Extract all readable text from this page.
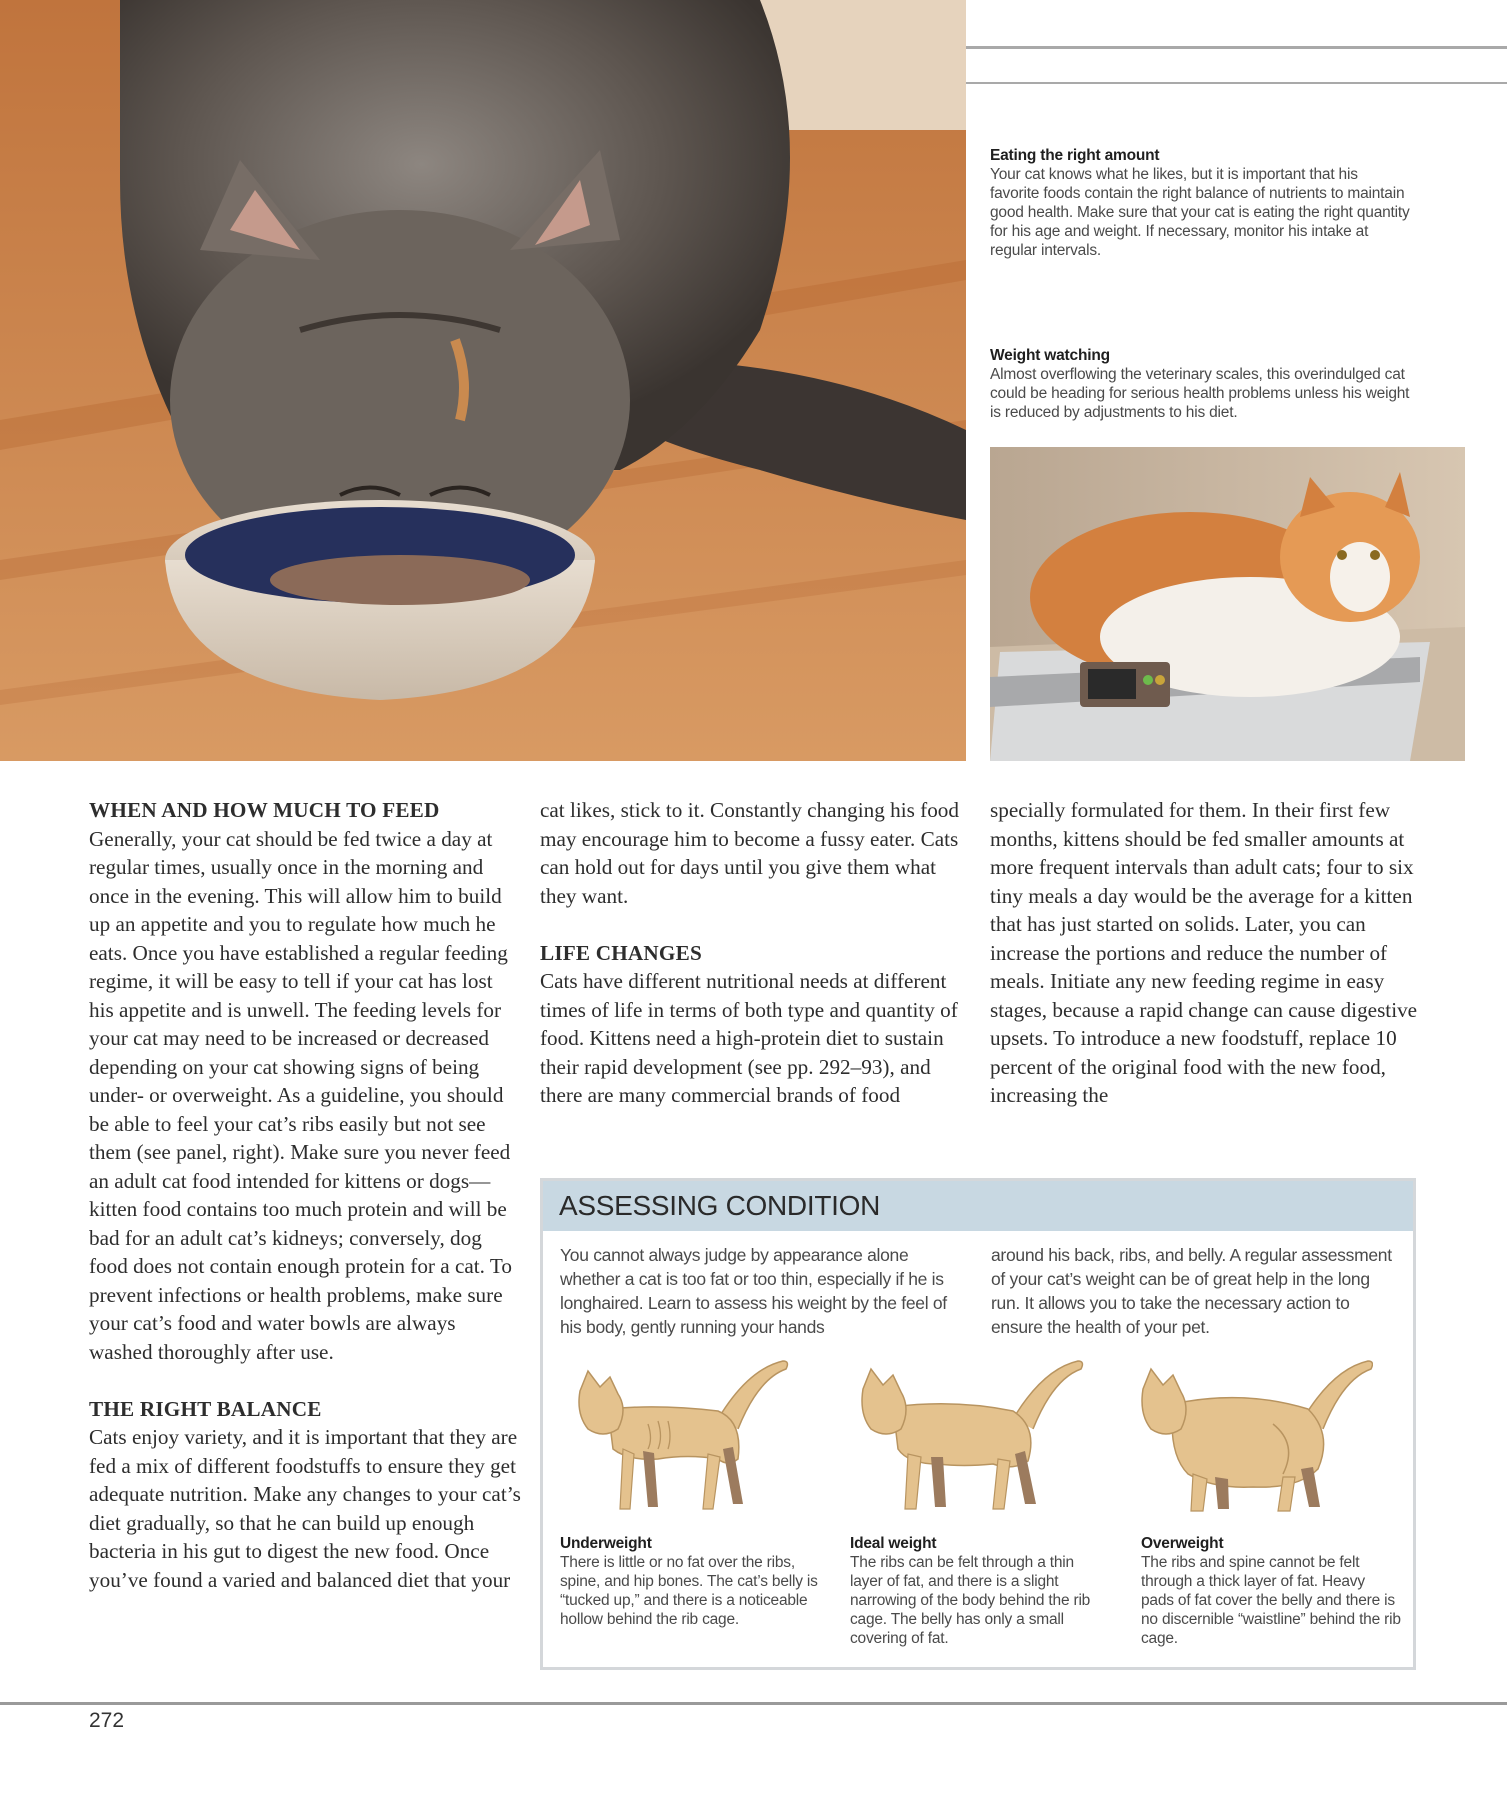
Eating the right amount
Your cat knows what he likes, but it is important that his favorite foods contain the right balance of nutrients to maintain good health. Make sure that your cat is eating the right quantity for his age and weight. If necessary, monitor his intake at regular intervals.
Weight watching
Almost overflowing the veterinary scales, this overindulged cat could be heading for serious health problems unless his weight is reduced by adjustments to his diet.
WHEN AND HOW MUCH TO FEED

Generally, your cat should be fed twice a day at regular times, usually once in the morning and once in the evening. This will allow him to build up an appetite and you to regulate how much he eats. Once you have established a regular feeding regime, it will be easy to tell if your cat has lost his appetite and is unwell. The feeding levels for your cat may need to be increased or decreased depending on your cat showing signs of being under- or overweight. As a guideline, you should be able to feel your cat’s ribs easily but not see them (see panel, right). Make sure you never feed an adult cat food intended for kittens or dogs—kitten food contains too much protein and will be bad for an adult cat’s kidneys; conversely, dog food does not contain enough protein for a cat. To prevent infections or health problems, make sure your cat’s food and water bowls are always washed thoroughly after use.

THE RIGHT BALANCE

Cats enjoy variety, and it is important that they are fed a mix of different foodstuffs to ensure they get adequate nutrition. Make any changes to your cat’s diet gradually, so that he can build up enough bacteria in his gut to digest the new food. Once you’ve found a varied and balanced diet that your

cat likes, stick to it. Constantly changing his food may encourage him to become a fussy eater. Cats can hold out for days until you give them what they want.

LIFE CHANGES

Cats have different nutritional needs at different times of life in terms of both type and quantity of food. Kittens need a high-protein diet to sustain their rapid development (see pp. 292–93), and there are many commercial brands of food

specially formulated for them. In their first few months, kittens should be fed smaller amounts at more frequent intervals than adult cats; four to six tiny meals a day would be the average for a kitten that has just started on solids. Later, you can increase the portions and reduce the number of meals. Initiate any new feeding regime in easy stages, because a rapid change can cause digestive upsets. To introduce a new foodstuff, replace 10 percent of the original food with the new food, increasing the

ASSESSING CONDITION
You cannot always judge by appearance alone whether a cat is too fat or too thin, especially if he is longhaired. Learn to assess his weight by the feel of his body, gently running your hands
around his back, ribs, and belly. A regular assessment of your cat’s weight can be of great help in the long run. It allows you to take the necessary action to ensure the health of your pet.
Underweight
There is little or no fat over the ribs, spine, and hip bones. The cat’s belly is “tucked up,” and there is a noticeable hollow behind the rib cage.
Ideal weight
The ribs can be felt through a thin layer of fat, and there is a slight narrowing of the body behind the rib cage. The belly has only a small covering of fat.
Overweight
The ribs and spine cannot be felt through a thick layer of fat. Heavy pads of fat cover the belly and there is no discernible “waistline” behind the rib cage.
272
